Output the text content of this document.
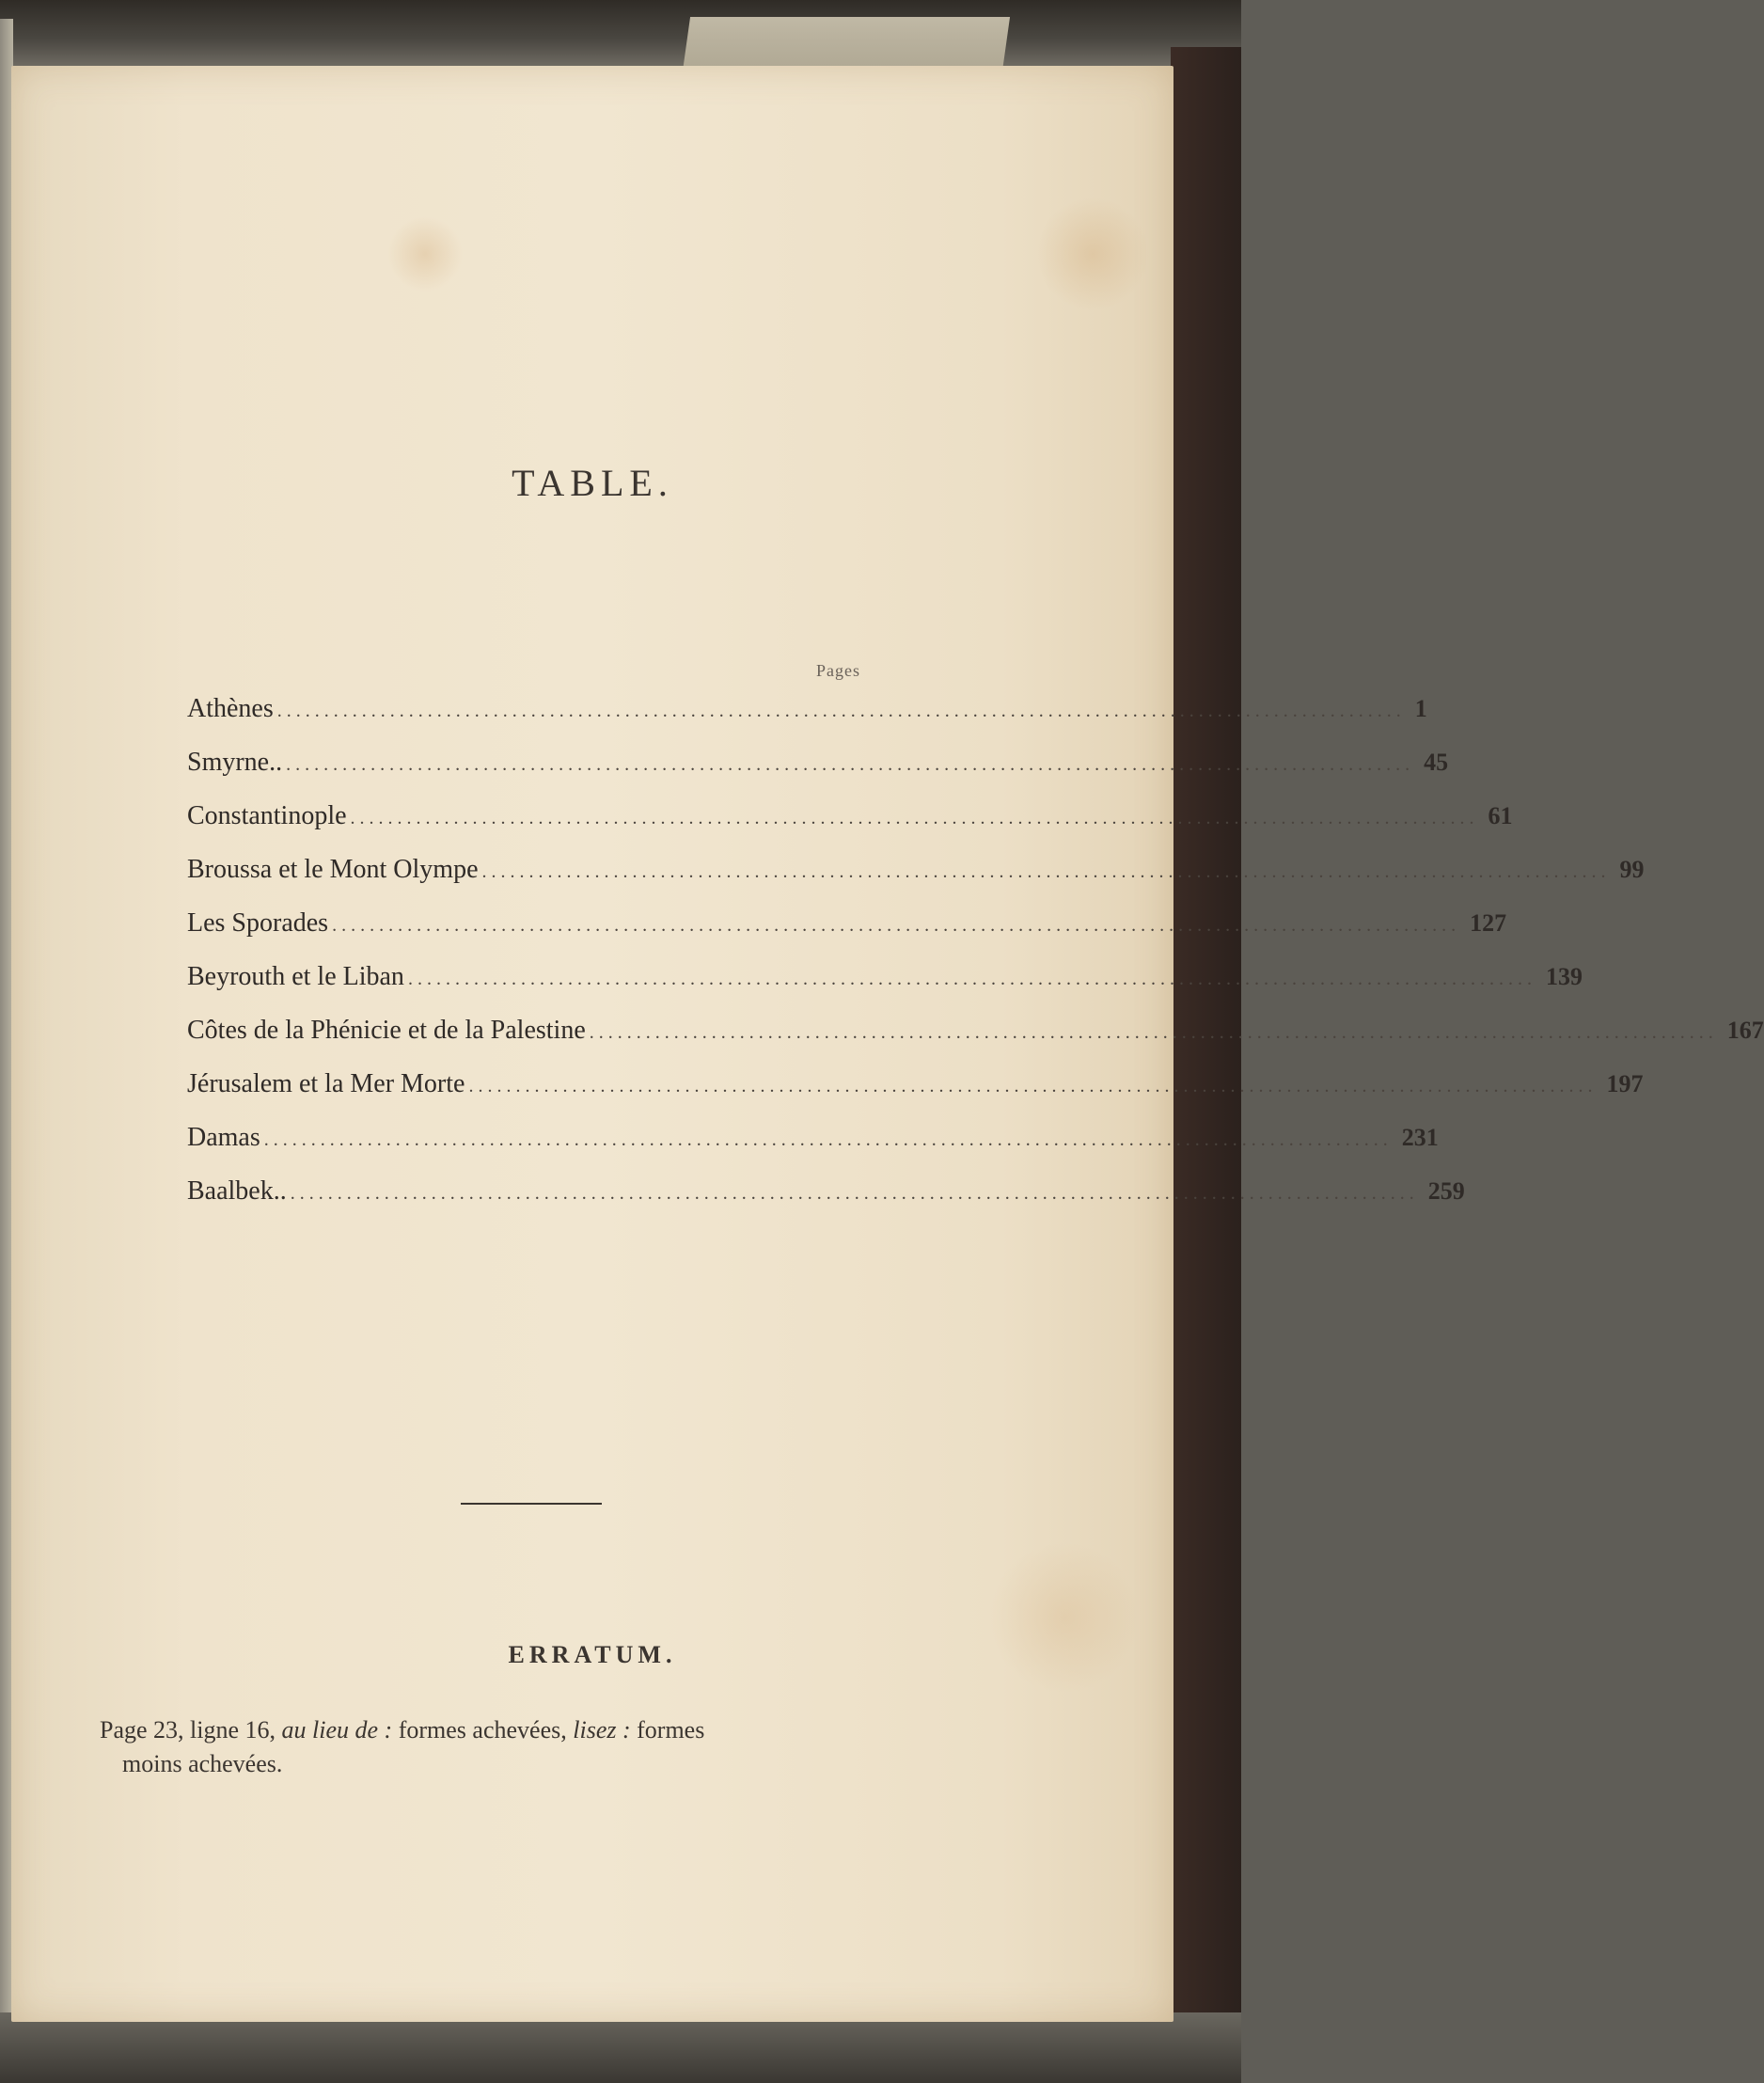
TABLE.
Pages
Athènes ........................................................................................................................ 1
Smyrne.. ........................................................................................................................ 45
Constantinople ........................................................................................................................ 61
Broussa et le Mont Olympe ........................................................................................................................ 99
Les Sporades ........................................................................................................................ 127
Beyrouth et le Liban ........................................................................................................................ 139
Côtes de la Phénicie et de la Palestine ........................................................................................................................ 167
Jérusalem et la Mer Morte ........................................................................................................................ 197
Damas ........................................................................................................................ 231
Baalbek.. ........................................................................................................................ 259
ERRATUM.
Page 23, ligne 16, au lieu de : formes achevées, lisez : formes
moins achevées.
